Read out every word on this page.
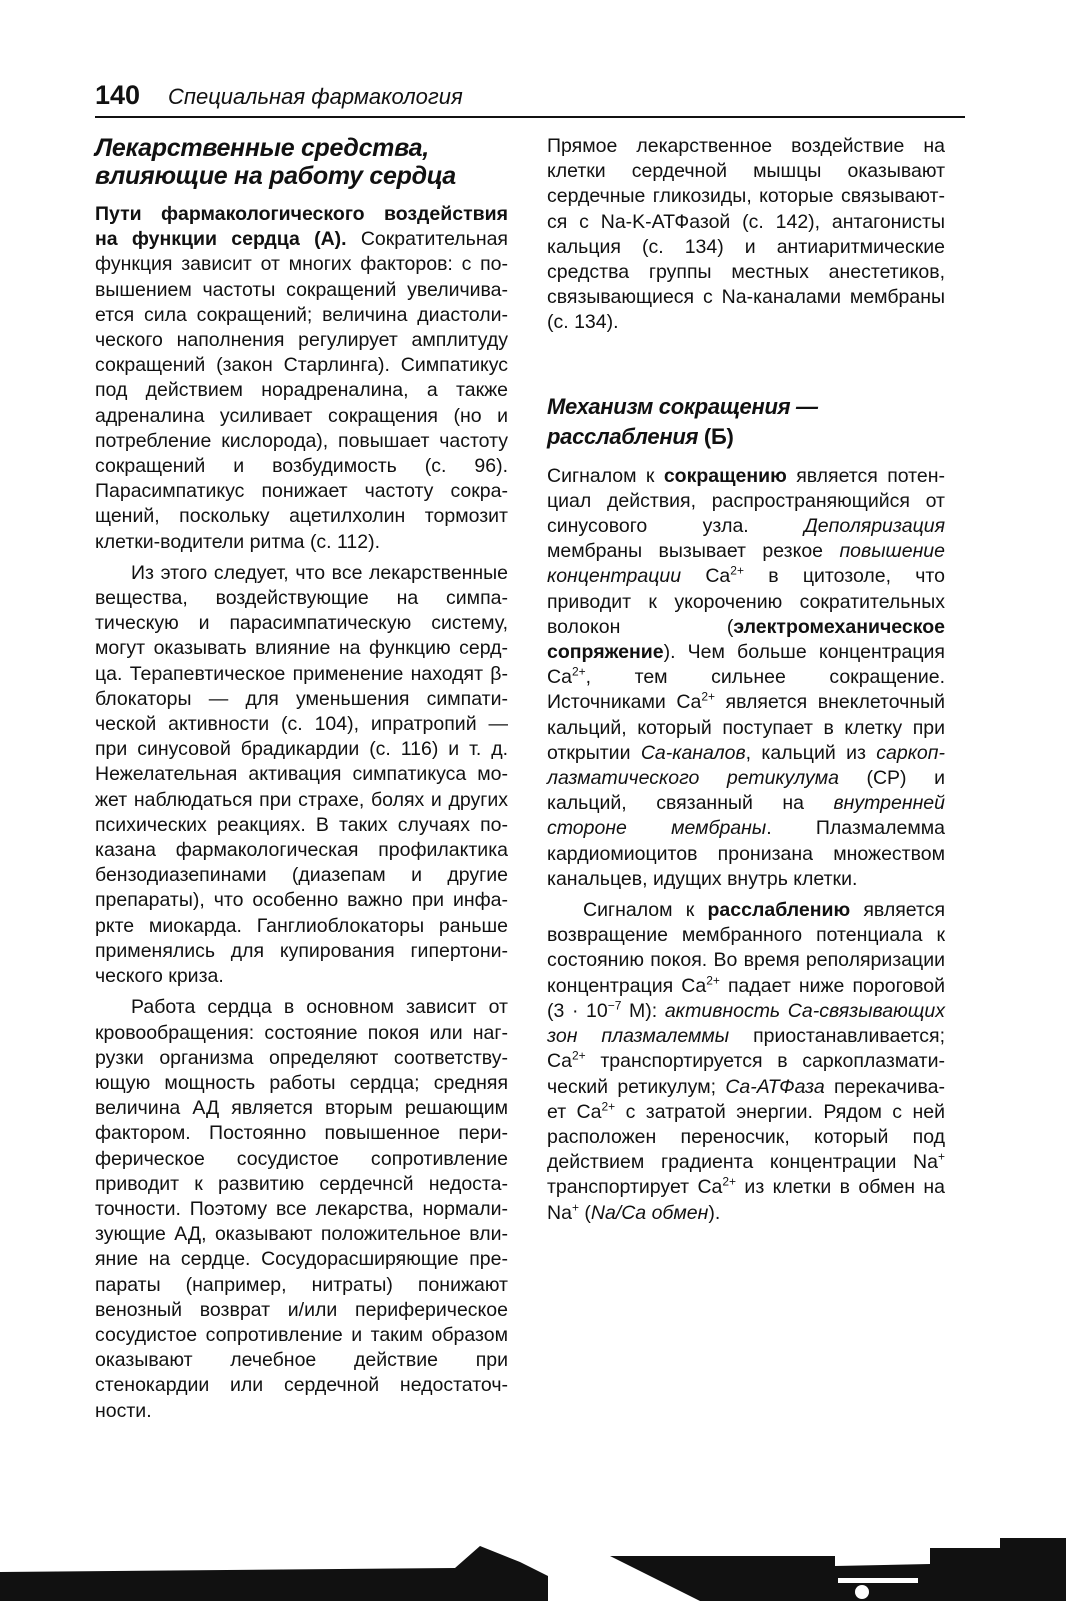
140 Специальная фармакология
Лекарственные средства, влияющие на работу сердца

Пути фармакологического воздействия на функции сердца (А). Сократительная функция зависит от многих факторов: с повышением частоты сокращений увеличивается сила сокращений; величина диастолического наполнения регулирует амплитуду сокращений (закон Старлинга). Симпатикус под действием норадреналина, а также адреналина усиливает сокращения (но и потребление кислорода), повышает частоту сокращений и возбудимость (с. 96). Парасимпатикус понижает частоту сокращений, поскольку ацетилхолин тормозит клетки-водители ритма (с. 112).

Из этого следует, что все лекарственные вещества, воздействующие на симпатическую и парасимпатическую систему, могут оказывать влияние на функцию сердца. Терапевтическое применение находят β-блокаторы — для уменьшения симпатической активности (с. 104), ипратропий — при синусовой брадикардии (с. 116) и т. д. Нежелательная активация симпатикуса может наблюдаться при страхе, болях и других психических реакциях. В таких случаях показана фармакологическая профилактика бензодиазепинами (диазепам и другие препараты), что особенно важно при инфаркте миокарда. Ганглиоблокаторы раньше применялись для купирования гипертонического криза.

Работа сердца в основном зависит от кровообращения: состояние покоя или нагрузки организма определяют соответствующую мощность работы сердца; средняя величина АД является вторым решающим фактором. Постоянно повышенное периферическое сосудистое сопротивление приводит к развитию сердечнсй недостаточности. Поэтому все лекарства, нормализующие АД, оказывают положительное влияние на сердце. Сосудорасширяющие препараты (например, нитраты) понижают венозный возврат и/или периферическое сосудистое сопротивление и таким образом оказывают лечебное действие при стенокардии или сердечной недостаточности.

Прямое лекарственное воздействие на клетки сердечной мышцы оказывают сердечные гликозиды, которые связываются с Na-K-АТФазой (с. 142), антагонисты кальция (с. 134) и антиаритмические средства группы местных анестетиков, связывающиеся с Na-каналами мембраны (с. 134).

Механизм сокращения — расслабления (Б)

Сигналом к сокращению является потенциал действия, распространяющийся от синусового узла. Деполяризация мембраны вызывает резкое повышение концентрации $Ca^{2+}$ в цитозоле, что приводит к укорочению сократительных волокон (электромеханическое сопряжение). Чем больше концентрация $Ca^{2+}$, тем сильнее сокращение. Источниками $Ca^{2+}$ является внеклеточный кальций, который поступает в клетку при открытии Ca-каналов, кальций из саркоплазматического ретикулума (СР) и кальций, связанный на внутренней стороне мембраны. Плазмалемма кардиомиоцитов пронизана множеством канальцев, идущих внутрь клетки.

Сигналом к расслаблению является возвращение мембранного потенциала к состоянию покоя. Во время реполяризации концентрация $Ca^{2+}$ падает ниже пороговой ($3 \cdot 10^{-7}$ M): активность Ca-связывающих зон плазмалеммы приостанавливается; $Ca^{2+}$ транспортируется в саркоплазматический ретикулум; Ca-АТФаза перекачивает $Ca^{2+}$ с затратой энергии. Рядом с ней расположен переносчик, который под действием градиента концентрации Na+ транспортирует $Ca^{2+}$ из клетки в обмен на Na+ (Na/Ca обмен).
